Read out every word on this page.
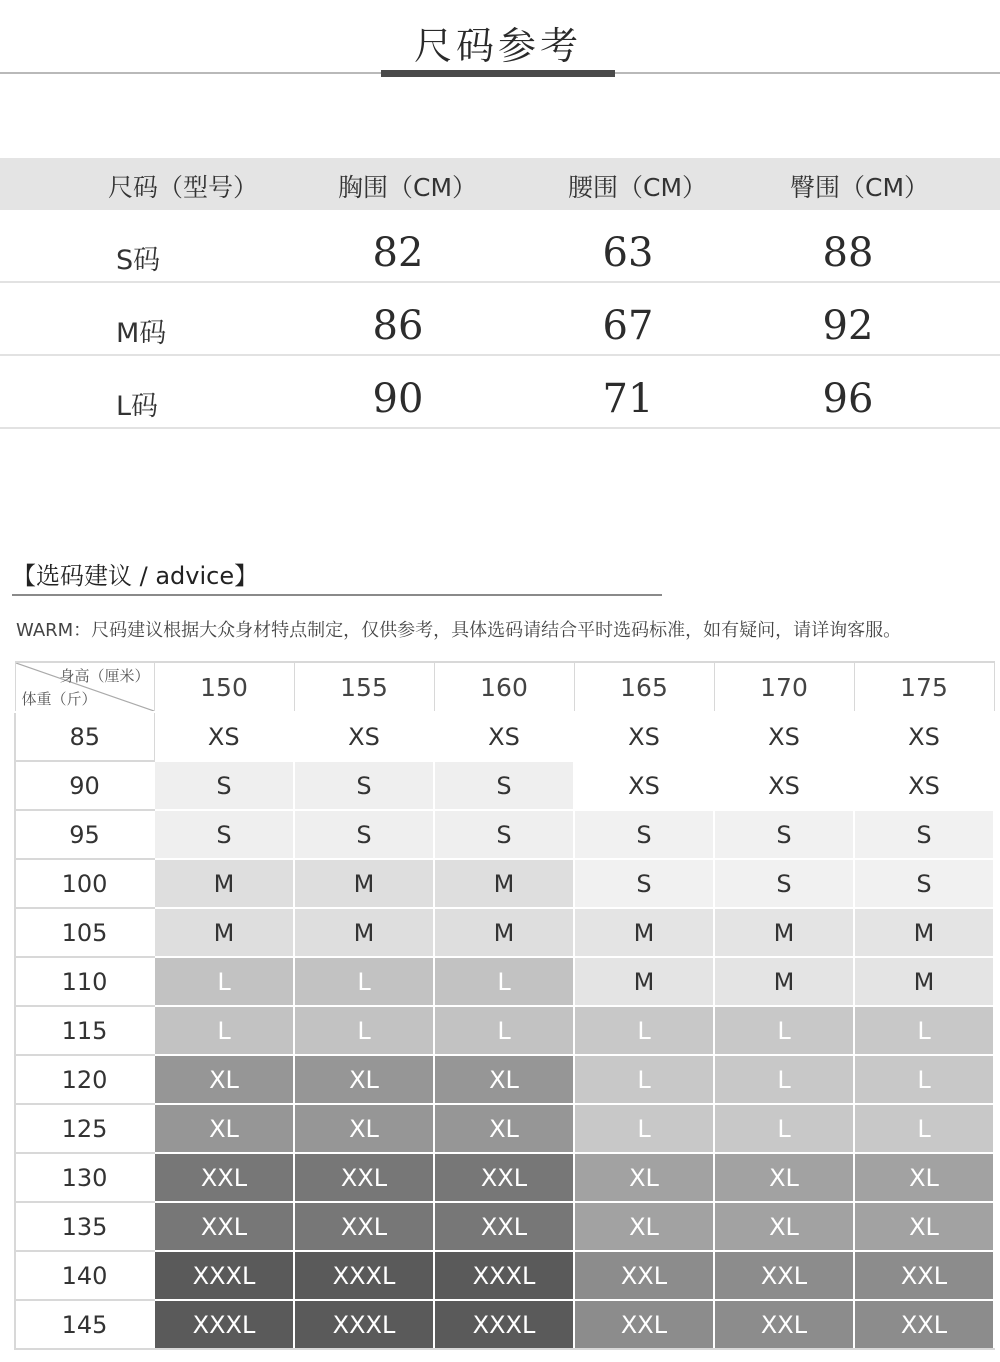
尺码参考
尺码（型号）	胸围（CM）	腰围（CM）	臀围（CM）
S码	82	63	88
M码	86	67	92
L码	90	71	96
【选码建议 / advice】
WARM：尺码建议根据大众身材特点制定，仅供参考，具体选码请结合平时选码标准，如有疑问，请详询客服。
身高（厘米）
体重（斤）	150	155	160	165	170	175
85	XS	XS	XS	XS	XS	XS
90	S	S	S	XS	XS	XS
95	S	S	S	S	S	S
100	M	M	M	S	S	S
105	M	M	M	M	M	M
110	L	L	L	M	M	M
115	L	L	L	L	L	L
120	XL	XL	XL	L	L	L
125	XL	XL	XL	L	L	L
130	XXL	XXL	XXL	XL	XL	XL
135	XXL	XXL	XXL	XL	XL	XL
140	XXXL	XXXL	XXXL	XXL	XXL	XXL
145	XXXL	XXXL	XXXL	XXL	XXL	XXL
